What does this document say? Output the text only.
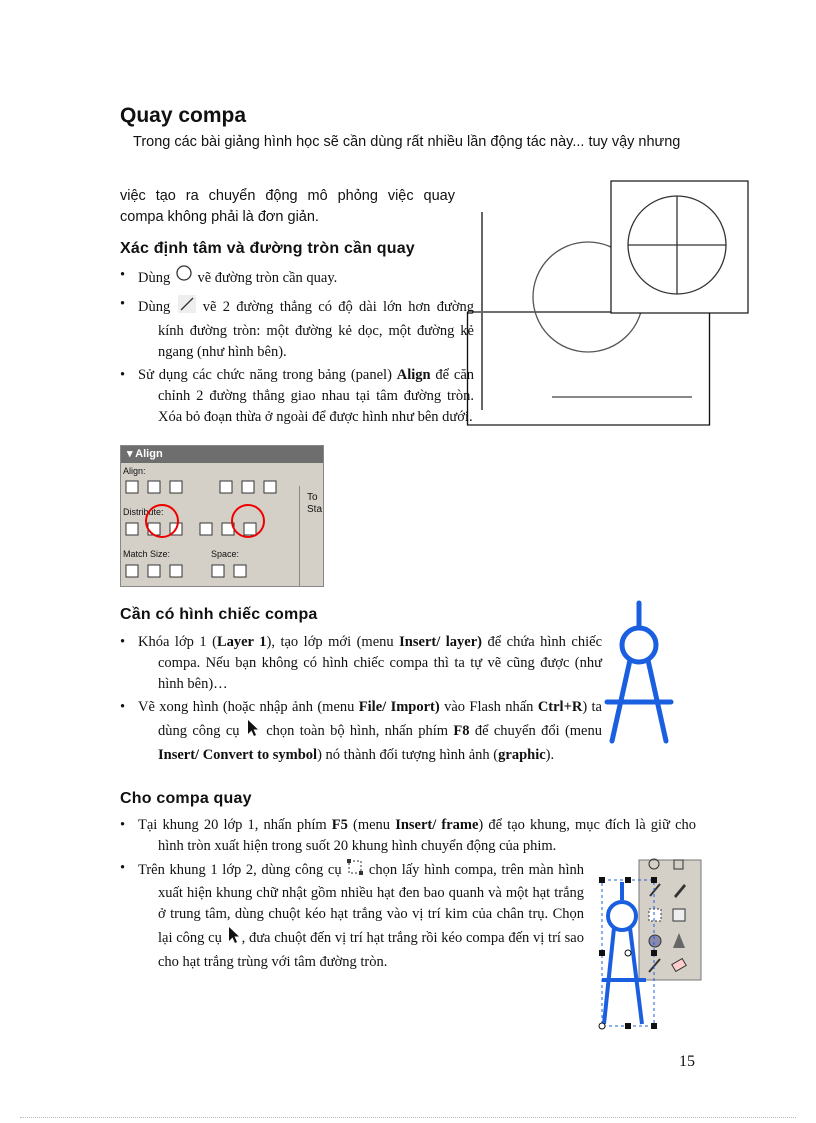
Quay compa
Trong các bài giảng hình học sẽ cần dùng rất nhiều lần động tác này... tuy vậy nhưng
việc tạo ra chuyển động mô phỏng việc quay compa không phải là đơn giản.
Xác định tâm và đường tròn cần quay
• Dùng  vẽ đường tròn cần quay.
• Dùng  vẽ 2 đường thẳng có độ dài lớn hơn đường kính đường tròn: một đường kẻ dọc, một đường kẻ ngang (như hình bên).
• Sử dụng các chức năng trong bảng (panel) Align để căn chỉnh 2 đường thẳng giao nhau tại tâm đường tròn. Xóa bỏ đoạn thừa ở ngoài để được hình như bên dưới.
▾ Align
Align:
Distribute:
Match Size:	Space:
To
Sta
Cần có hình chiếc compa
• Khóa lớp 1 (Layer 1), tạo lớp mới (menu Insert/ layer) để chứa hình chiếc compa. Nếu bạn không có hình chiếc compa thì ta tự vẽ cũng được (như hình bên)…
• Vẽ xong hình (hoặc nhập ảnh (menu File/ Import) vào Flash nhấn Ctrl+R) ta dùng công cụ  chọn toàn bộ hình, nhấn phím F8 để chuyển đổi (menu Insert/ Convert to symbol) nó thành đối tượng hình ảnh (graphic).
Cho compa quay
• Tại khung 20 lớp 1, nhấn phím F5 (menu Insert/ frame) để tạo khung, mục đích là giữ cho hình tròn xuất hiện trong suốt 20 khung hình chuyển động của phim.
• Trên khung 1 lớp 2, dùng công cụ  chọn lấy hình compa, trên màn hình xuất hiện khung chữ nhật gồm nhiều hạt đen bao quanh và một hạt trắng ở trung tâm, dùng chuột kéo hạt trắng vào vị trí kim của chân trụ. Chọn lại công cụ , đưa chuột đến vị trí hạt trắng rồi kéo compa đến vị trí sao cho hạt trắng trùng với tâm đường tròn.
15
